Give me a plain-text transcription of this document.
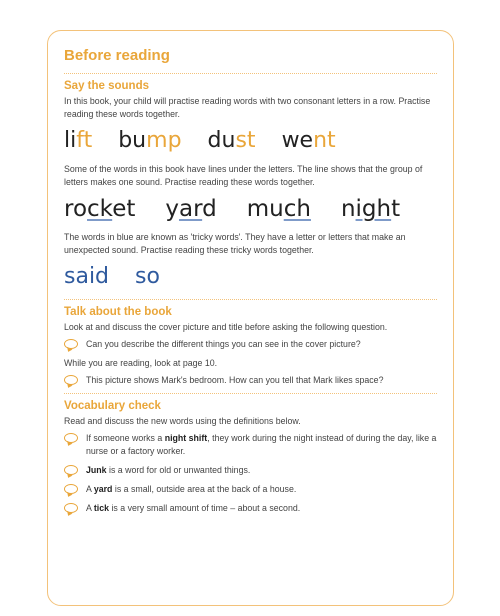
Before reading
Say the sounds
In this book, your child will practise reading words with two consonant letters in a row. Practise reading these words together.
lift bump dust went
Some of the words in this book have lines under the letters. The line shows that the group of letters makes one sound. Practise reading these words together.
rocket yard much night
The words in blue are known as 'tricky words'. They have a letter or letters that make an unexpected sound. Practise reading these tricky words together.
said so
Talk about the book
Look at and discuss the cover picture and title before asking the following question.
Can you describe the different things you can see in the cover picture?
While you are reading, look at page 10.
This picture shows Mark's bedroom. How can you tell that Mark likes space?
Vocabulary check
Read and discuss the new words using the definitions below.
If someone works a night shift, they work during the night instead of during the day, like a nurse or a factory worker.
Junk is a word for old or unwanted things.
A yard is a small, outside area at the back of a house.
A tick is a very small amount of time – about a second.
